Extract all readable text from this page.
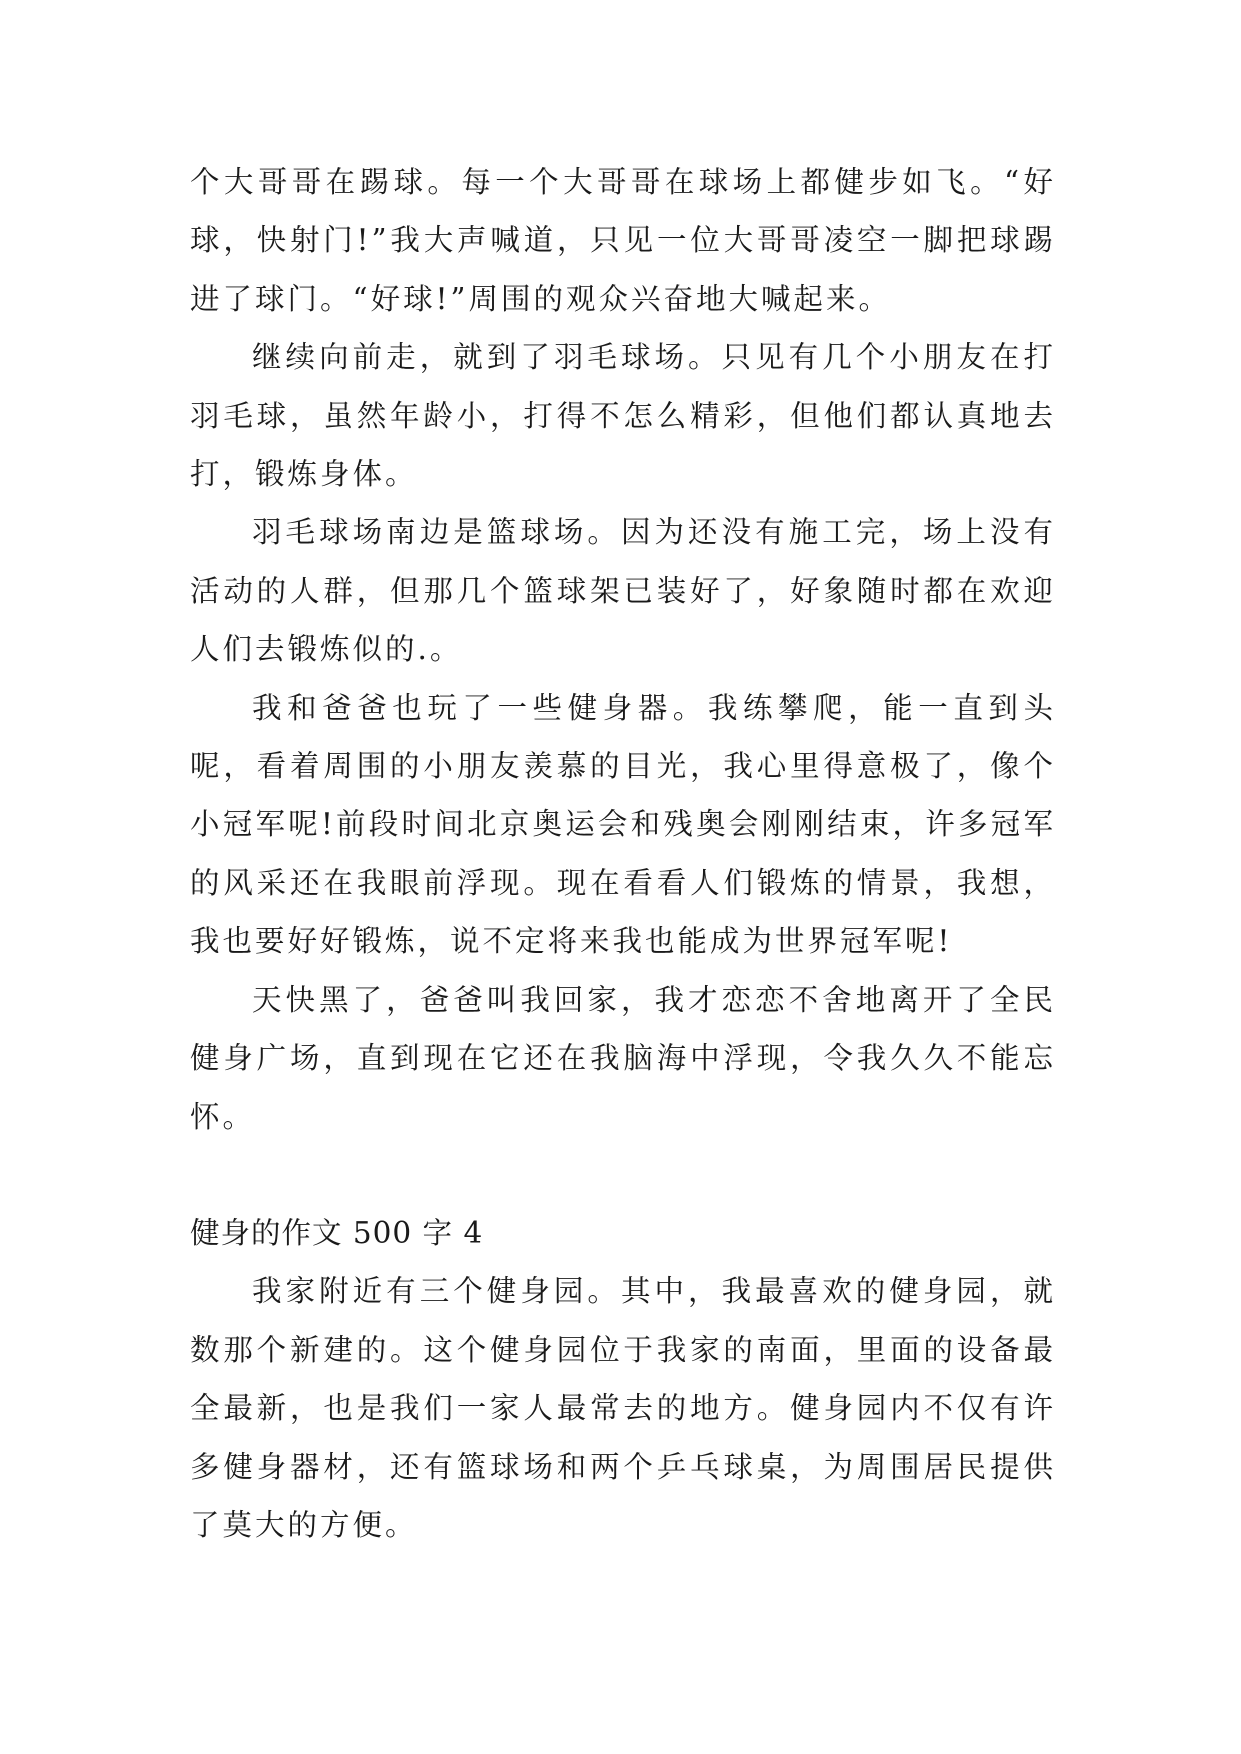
个大哥哥在踢球。每一个大哥哥在球场上都健步如飞。“好球，快射门!”我大声喊道，只见一位大哥哥凌空一脚把球踢进了球门。“好球!”周围的观众兴奋地大喊起来。

继续向前走，就到了羽毛球场。只见有几个小朋友在打羽毛球，虽然年龄小，打得不怎么精彩，但他们都认真地去打，锻炼身体。

羽毛球场南边是篮球场。因为还没有施工完，场上没有活动的人群，但那几个篮球架已装好了，好象随时都在欢迎人们去锻炼似的.。

我和爸爸也玩了一些健身器。我练攀爬，能一直到头呢，看着周围的小朋友羡慕的目光，我心里得意极了，像个小冠军呢!前段时间北京奥运会和残奥会刚刚结束，许多冠军的风采还在我眼前浮现。现在看看人们锻炼的情景，我想，我也要好好锻炼，说不定将来我也能成为世界冠军呢!

天快黑了，爸爸叫我回家，我才恋恋不舍地离开了全民健身广场，直到现在它还在我脑海中浮现，令我久久不能忘怀。

健身的作文 500 字 4

我家附近有三个健身园。其中，我最喜欢的健身园，就数那个新建的。这个健身园位于我家的南面，里面的设备最全最新，也是我们一家人最常去的地方。健身园内不仅有许多健身器材，还有篮球场和两个乒乓球桌，为周围居民提供了莫大的方便。
